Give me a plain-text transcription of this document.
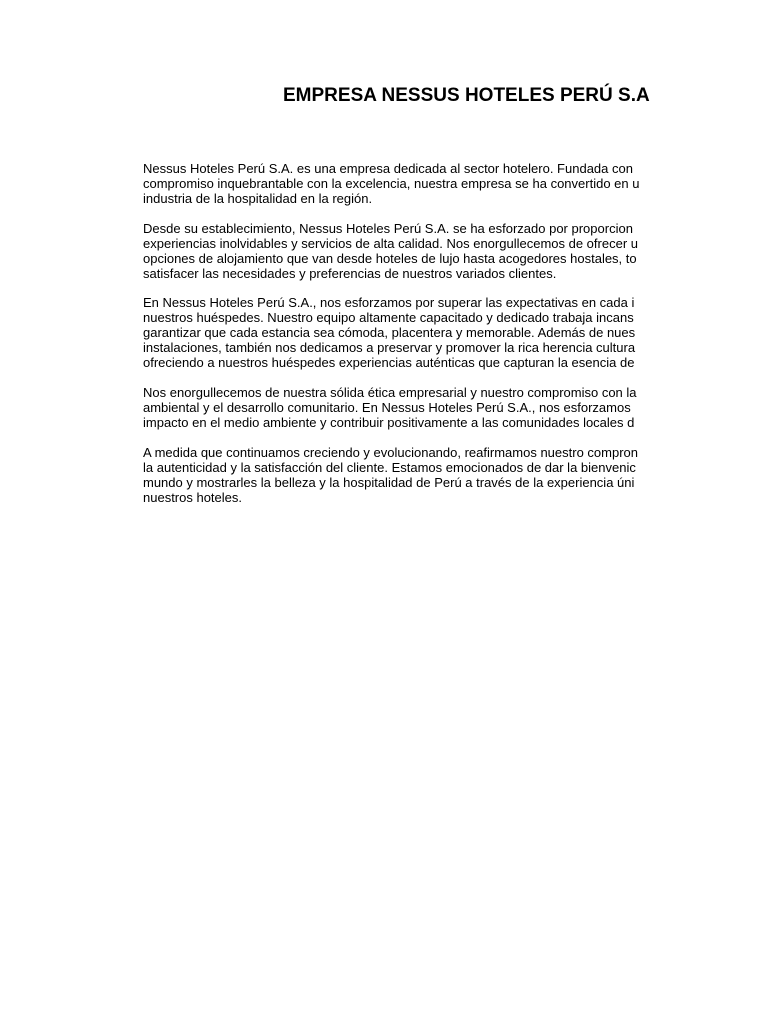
EMPRESA NESSUS HOTELES PERÚ S.A

Nessus Hoteles Perú S.A. es una empresa dedicada al sector hotelero. Fundada con
compromiso inquebrantable con la excelencia, nuestra empresa se ha convertido en u
industria de la hospitalidad en la región.

Desde su establecimiento, Nessus Hoteles Perú S.A. se ha esforzado por proporcion
experiencias inolvidables y servicios de alta calidad. Nos enorgullecemos de ofrecer u
opciones de alojamiento que van desde hoteles de lujo hasta acogedores hostales, to
satisfacer las necesidades y preferencias de nuestros variados clientes.

En Nessus Hoteles Perú S.A., nos esforzamos por superar las expectativas en cada i
nuestros huéspedes. Nuestro equipo altamente capacitado y dedicado trabaja incans
garantizar que cada estancia sea cómoda, placentera y memorable. Además de nues
instalaciones, también nos dedicamos a preservar y promover la rica herencia cultura
ofreciendo a nuestros huéspedes experiencias auténticas que capturan la esencia de

Nos enorgullecemos de nuestra sólida ética empresarial y nuestro compromiso con la
ambiental y el desarrollo comunitario. En Nessus Hoteles Perú S.A., nos esforzamos
impacto en el medio ambiente y contribuir positivamente a las comunidades locales d

A medida que continuamos creciendo y evolucionando, reafirmamos nuestro compron
la autenticidad y la satisfacción del cliente. Estamos emocionados de dar la bienvenic
mundo y mostrarles la belleza y la hospitalidad de Perú a través de la experiencia úni
nuestros hoteles.
